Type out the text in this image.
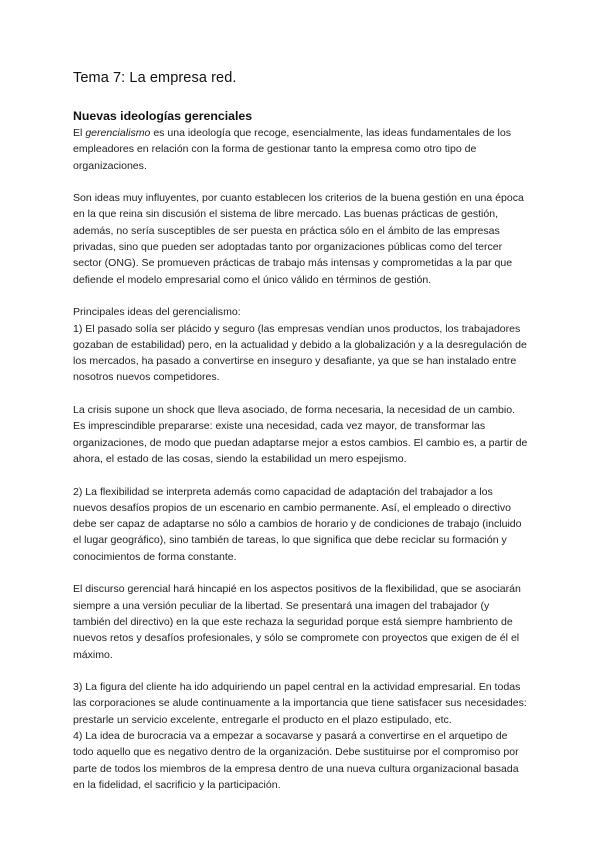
Tema 7: La empresa red.
Nuevas ideologías gerenciales

El gerencialismo es una ideología que recoge, esencialmente, las ideas fundamentales de los empleadores en relación con la forma de gestionar tanto la empresa como otro tipo de organizaciones.

Son ideas muy influyentes, por cuanto establecen los criterios de la buena gestión en una época en la que reina sin discusión el sistema de libre mercado. Las buenas prácticas de gestión, además, no sería susceptibles de ser puesta en práctica sólo en el ámbito de las empresas privadas, sino que pueden ser adoptadas tanto por organizaciones públicas como del tercer sector (ONG). Se promueven prácticas de trabajo más intensas y comprometidas a la par que defiende el modelo empresarial como el único válido en términos de gestión.

Principales ideas del gerencialismo:

1) El pasado solía ser plácido y seguro (las empresas vendían unos productos, los trabajadores gozaban de estabilidad) pero, en la actualidad y debido a la globalización y a la desregulación de los mercados, ha pasado a convertirse en inseguro y desafiante, ya que se han instalado entre nosotros nuevos competidores.

La crisis supone un shock que lleva asociado, de forma necesaria, la necesidad de un cambio. Es imprescindible prepararse: existe una necesidad, cada vez mayor, de transformar las organizaciones, de modo que puedan adaptarse mejor a estos cambios. El cambio es, a partir de ahora, el estado de las cosas, siendo la estabilidad un mero espejismo.

2) La flexibilidad se interpreta además como capacidad de adaptación del trabajador a los nuevos desafíos propios de un escenario en cambio permanente. Así, el empleado o directivo debe ser capaz de adaptarse no sólo a cambios de horario y de condiciones de trabajo (incluido el lugar geográfico), sino también de tareas, lo que significa que debe reciclar su formación y conocimientos de forma constante.

El discurso gerencial hará hincapié en los aspectos positivos de la flexibilidad, que se asociarán siempre a una versión peculiar de la libertad. Se presentará una imagen del trabajador (y también del directivo) en la que este rechaza la seguridad porque está siempre hambriento de nuevos retos y desafíos profesionales, y sólo se compromete con proyectos que exigen de él el máximo.

3) La figura del cliente ha ido adquiriendo un papel central en la actividad empresarial. En todas las corporaciones se alude continuamente a la importancia que tiene satisfacer sus necesidades: prestarle un servicio excelente, entregarle el producto en el plazo estipulado, etc.

4) La idea de burocracia va a empezar a socavarse y pasará a convertirse en el arquetipo de todo aquello que es negativo dentro de la organización. Debe sustituirse por el compromiso por parte de todos los miembros de la empresa dentro de una nueva cultura organizacional basada en la fidelidad, el sacrificio y la participación.
